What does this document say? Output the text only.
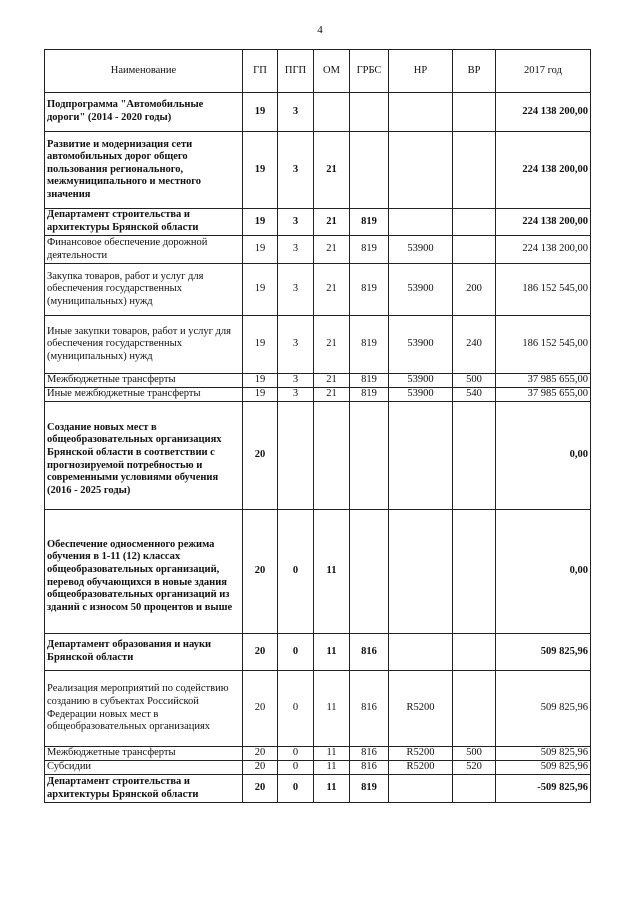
4
Наименование	ГП	ПГП	ОМ	ГРБС	НР	ВР	2017 год
Подпрограмма "Автомобильные дороги" (2014 - 2020 годы)	19	3					224 138 200,00
Развитие и модернизация сети автомобильных дорог общего пользования регионального, межмуниципального и местного значения	19	3	21				224 138 200,00
Департамент строительства и архитектуры Брянской области	19	3	21	819			224 138 200,00
Финансовое обеспечение дорожной деятельности	19	3	21	819	53900		224 138 200,00
Закупка товаров, работ и услуг для обеспечения государственных (муниципальных) нужд	19	3	21	819	53900	200	186 152 545,00
Иные закупки товаров, работ и услуг для обеспечения государственных (муниципальных) нужд	19	3	21	819	53900	240	186 152 545,00
Межбюджетные трансферты	19	3	21	819	53900	500	37 985 655,00
Иные межбюджетные трансферты	19	3	21	819	53900	540	37 985 655,00
Создание новых мест в общеобразовательных организациях Брянской области в соответствии с прогнозируемой потребностью и современными условиями обучения (2016 - 2025 годы)	20						0,00
Обеспечение односменного режима обучения в 1-11 (12) классах общеобразовательных организаций, перевод обучающихся в новые здания общеобразовательных организаций из зданий с износом 50 процентов и выше	20	0	11				0,00
Департамент образования и науки Брянской области	20	0	11	816			509 825,96
Реализация мероприятий по содействию созданию в субъектах Российской Федерации новых мест в общеобразовательных организациях	20	0	11	816	R5200		509 825,96
Межбюджетные трансферты	20	0	11	816	R5200	500	509 825,96
Субсидии	20	0	11	816	R5200	520	509 825,96
Департамент строительства и архитектуры Брянской области	20	0	11	819			-509 825,96
